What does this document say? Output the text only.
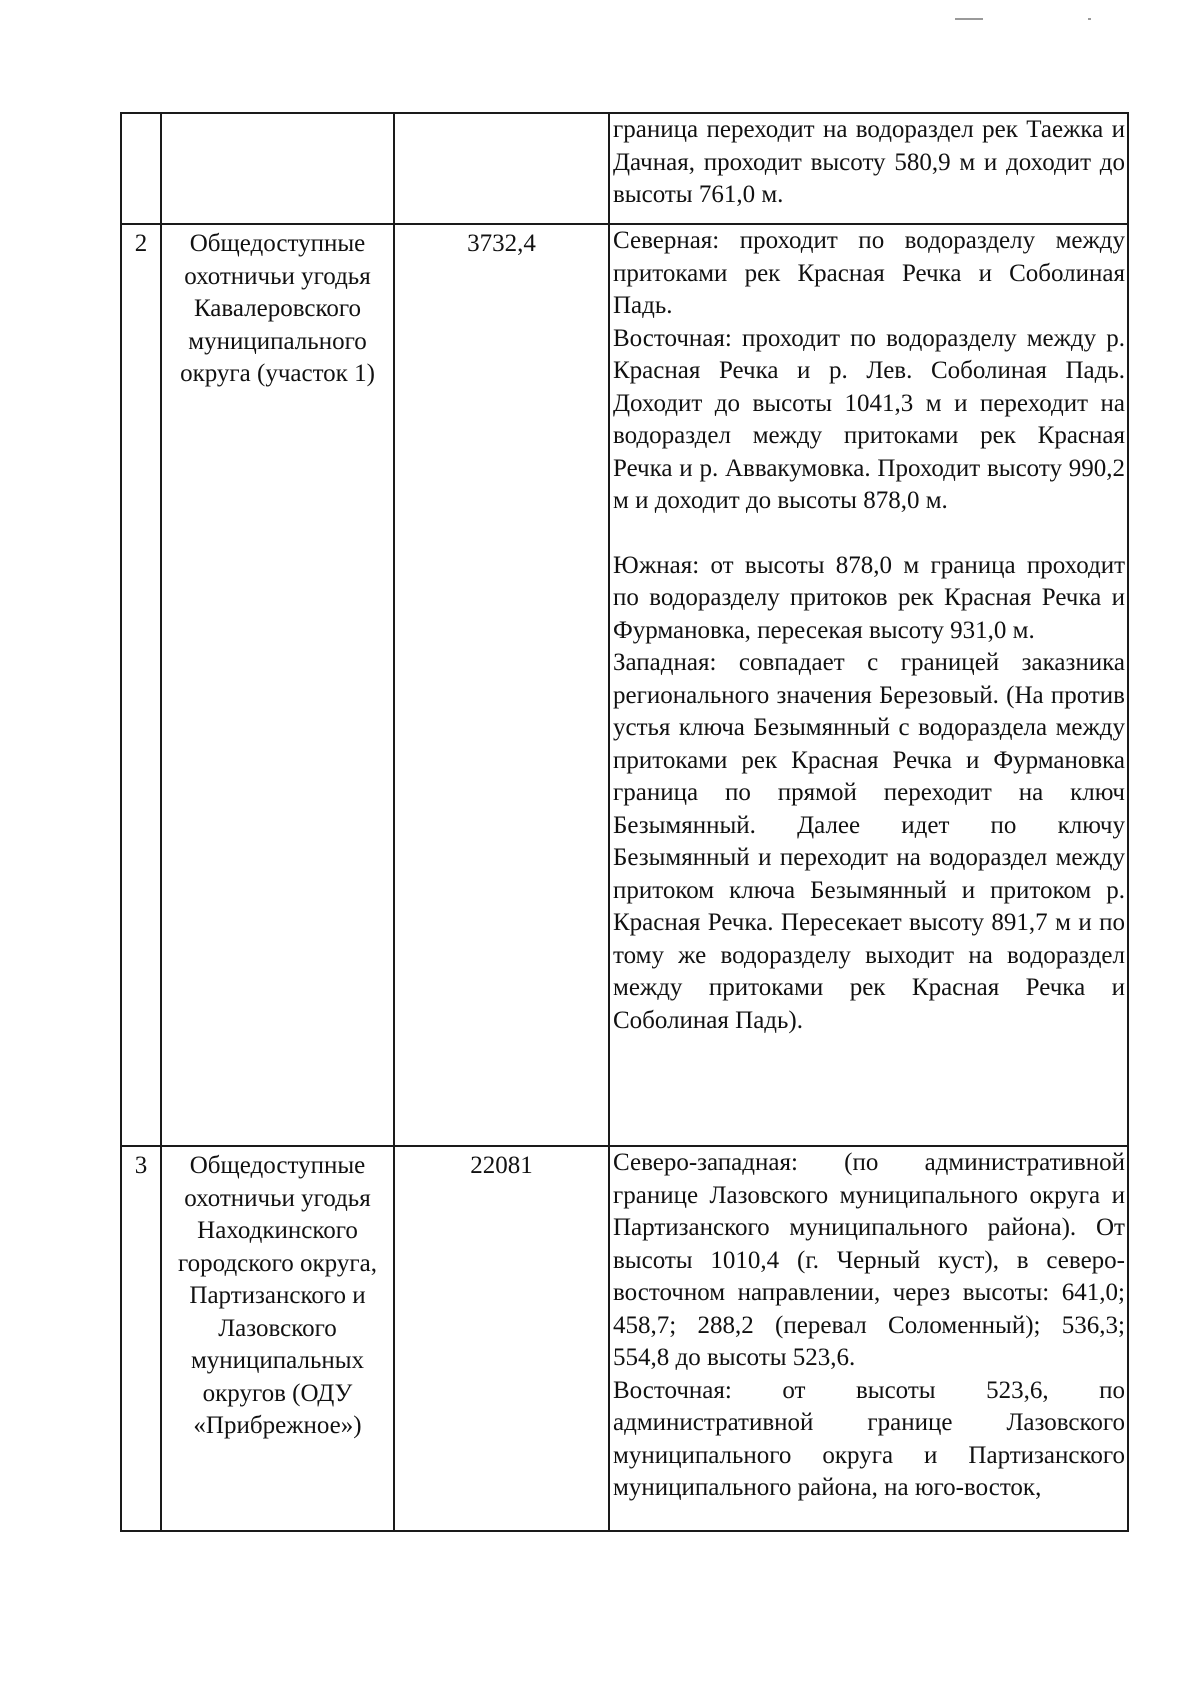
			граница переходит на водораздел рек Таежка и Дачная, проходит высоту 580,9 м и доходит до высоты 761,0 м.

2	Общедоступные охотничьи угодья Кавалеровского муниципального округа (участок 1)	3732,4	Северная: проходит по водоразделу между притоками рек Красная Речка и Соболиная Падь.

Восточная: проходит по водоразделу между р. Красная Речка и р. Лев. Соболиная Падь. Доходит до высоты 1041,3 м и переходит на водораздел между притоками рек Красная Речка и р. Аввакумовка. Проходит высоту 990,2 м и доходит до высоты 878,0 м.

Южная: от высоты 878,0 м граница проходит по водоразделу притоков рек Красная Речка и Фурмановка, пересекая высоту 931,0 м.

Западная: совпадает с границей заказника регионального значения Березовый. (На против устья ключа Безымянный с водораздела между притоками рек Красная Речка и Фурмановка граница по прямой переходит на ключ Безымянный. Далее идет по ключу Безымянный и переходит на водораздел между притоком ключа Безымянный и притоком р. Красная Речка. Пересекает высоту 891,7 м и по тому же водоразделу выходит на водораздел между притоками рек Красная Речка и Соболиная Падь).

3	Общедоступные охотничьи угодья Находкинского городского округа, Партизанского и Лазовского муниципальных округов (ОДУ «Прибрежное»)	22081	Северо-западная: (по административной границе Лазовского муниципального округа и Партизанского муниципального района). От высоты 1010,4 (г. Черный куст), в северо-восточном направлении, через высоты: 641,0; 458,7; 288,2 (перевал Соломенный); 536,3; 554,8 до высоты 523,6.

Восточная: от высоты 523,6, по административной границе Лазовского муниципального округа и Партизанского муниципального района, на юго-восток,
